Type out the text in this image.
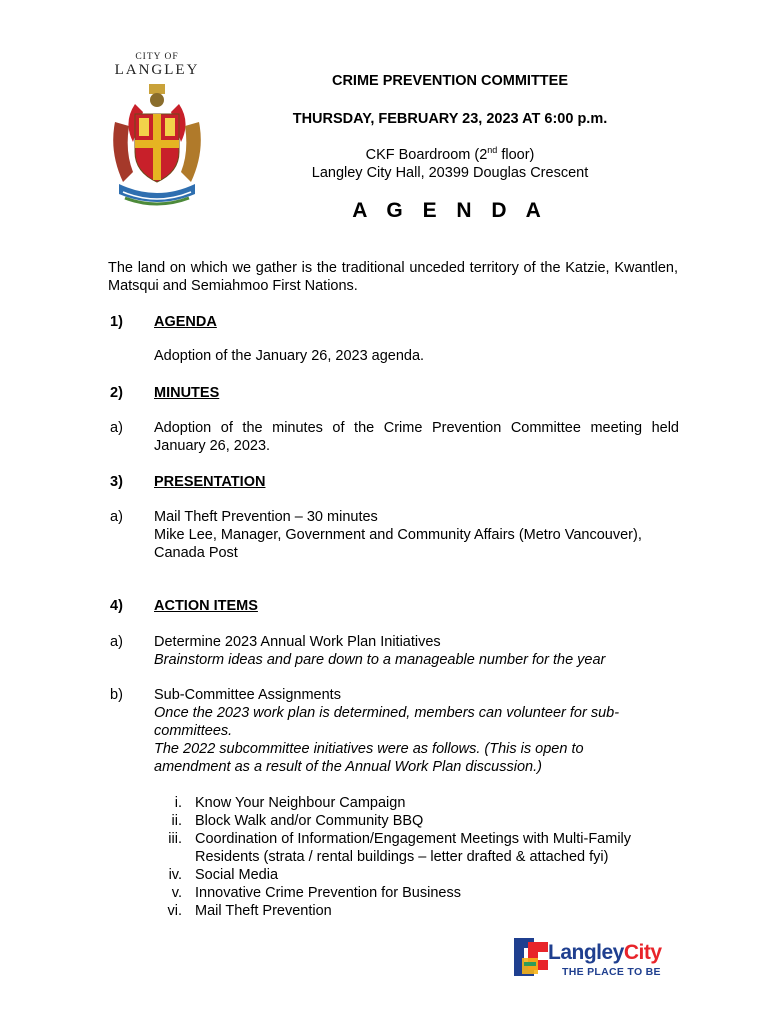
CITY OF
LANGLEY
CRIME PREVENTION COMMITTEE
THURSDAY, FEBRUARY 23, 2023 AT 6:00 p.m.
CKF Boardroom (2nd floor)
Langley City Hall, 20399 Douglas Crescent
A G E N D A
The land on which we gather is the traditional unceded territory of the Katzie, Kwantlen, Matsqui and Semiahmoo First Nations.
1) AGENDA
Adoption of the January 26, 2023 agenda.
2) MINUTES
a) Adoption of the minutes of the Crime Prevention Committee meeting held January 26, 2023.
3) PRESENTATION
a) Mail Theft Prevention – 30 minutes
Mike Lee, Manager, Government and Community Affairs (Metro Vancouver), Canada Post
4) ACTION ITEMS
a) Determine 2023 Annual Work Plan Initiatives
Brainstorm ideas and pare down to a manageable number for the year
b) Sub-Committee Assignments
Once the 2023 work plan is determined, members can volunteer for sub-committees.
The 2022 subcommittee initiatives were as follows. (This is open to amendment as a result of the Annual Work Plan discussion.)
i. Know Your Neighbour Campaign
ii. Block Walk and/or Community BBQ
iii. Coordination of Information/Engagement Meetings with Multi-Family Residents (strata / rental buildings – letter drafted & attached fyi)
iv. Social Media
v. Innovative Crime Prevention for Business
vi. Mail Theft Prevention
LangleyCity
THE PLACE TO BE
